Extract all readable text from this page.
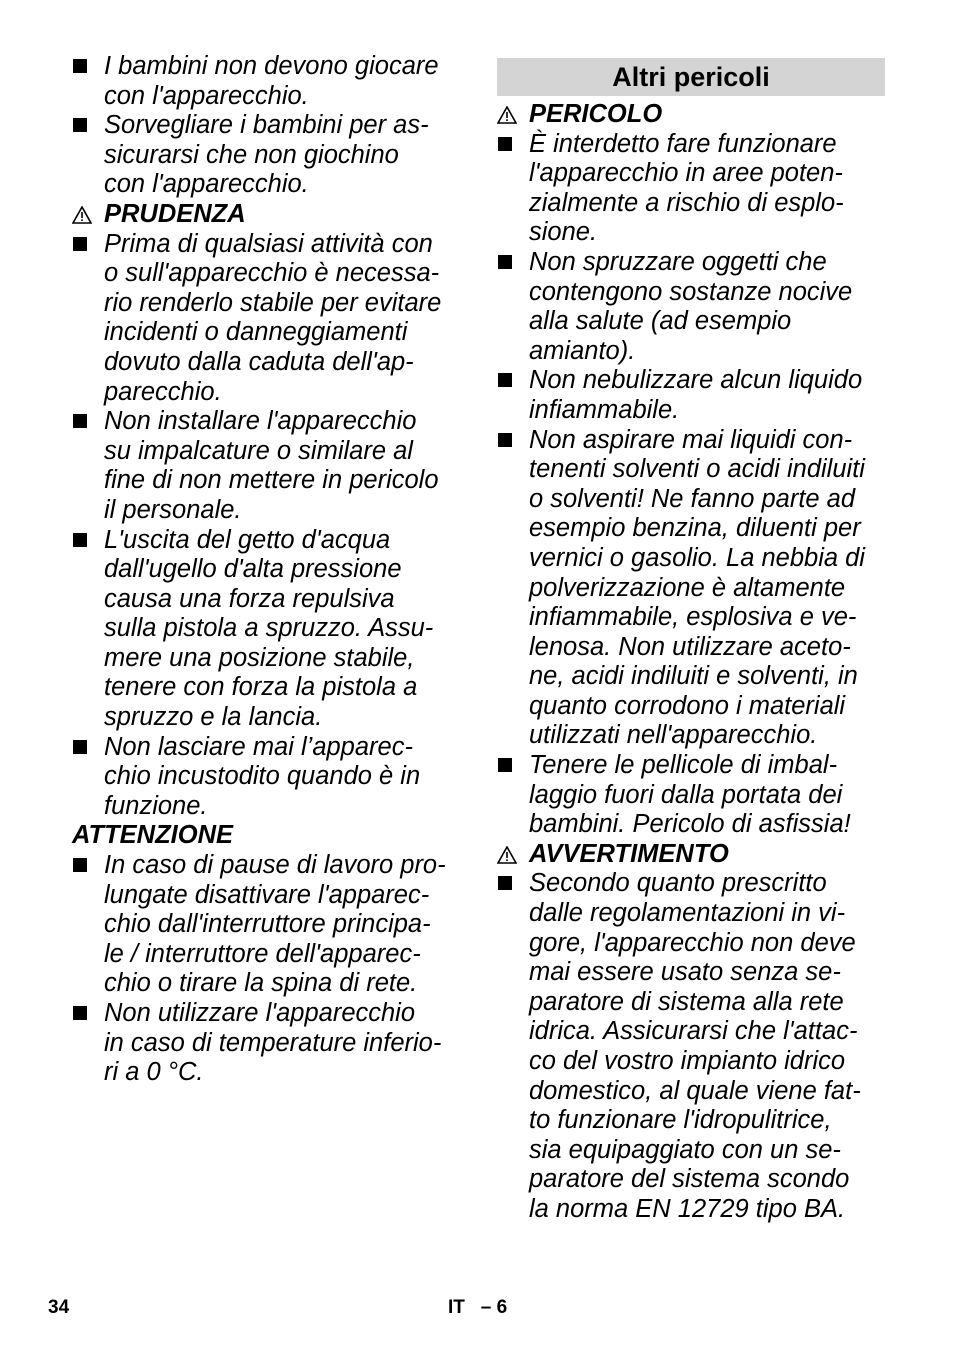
I bambini non devono giocare
con l'apparecchio.
Sorvegliare i bambini per as-
sicurarsi che non giochino
con l'apparecchio.
PRUDENZA
Prima di qualsiasi attività con
o sull'apparecchio è necessa-
rio renderlo stabile per evitare
incidenti o danneggiamenti
dovuto dalla caduta dell'ap-
parecchio.
Non installare l'apparecchio
su impalcature o similare al
fine di non mettere in pericolo
il personale.
L'uscita del getto d'acqua
dall'ugello d'alta pressione
causa una forza repulsiva
sulla pistola a spruzzo. Assu-
mere una posizione stabile,
tenere con forza la pistola a
spruzzo e la lancia.
Non lasciare mai l’apparec-
chio incustodito quando è in
funzione.
ATTENZIONE
In caso di pause di lavoro pro-
lungate disattivare l'apparec-
chio dall'interruttore principa-
le / interruttore dell'apparec-
chio o tirare la spina di rete.
Non utilizzare l'apparecchio
in caso di temperature inferio-
ri a 0 °C.
Altri pericoli
PERICOLO
È interdetto fare funzionare
l'apparecchio in aree poten-
zialmente a rischio di esplo-
sione.
Non spruzzare oggetti che
contengono sostanze nocive
alla salute (ad esempio
amianto).
Non nebulizzare alcun liquido
infiammabile.
Non aspirare mai liquidi con-
tenenti solventi o acidi indiluiti
o solventi! Ne fanno parte ad
esempio benzina, diluenti per
vernici o gasolio. La nebbia di
polverizzazione è altamente
infiammabile, esplosiva e ve-
lenosa. Non utilizzare aceto-
ne, acidi indiluiti e solventi, in
quanto corrodono i materiali
utilizzati nell'apparecchio.
Tenere le pellicole di imbal-
laggio fuori dalla portata dei
bambini. Pericolo di asfissia!
AVVERTIMENTO
Secondo quanto prescritto
dalle regolamentazioni in vi-
gore, l'apparecchio non deve
mai essere usato senza se-
paratore di sistema alla rete
idrica. Assicurarsi che l'attac-
co del vostro impianto idrico
domestico, al quale viene fat-
to funzionare l'idropulitrice,
sia equipaggiato con un se-
paratore del sistema scondo
la norma EN 12729 tipo BA.
34	IT   – 6
